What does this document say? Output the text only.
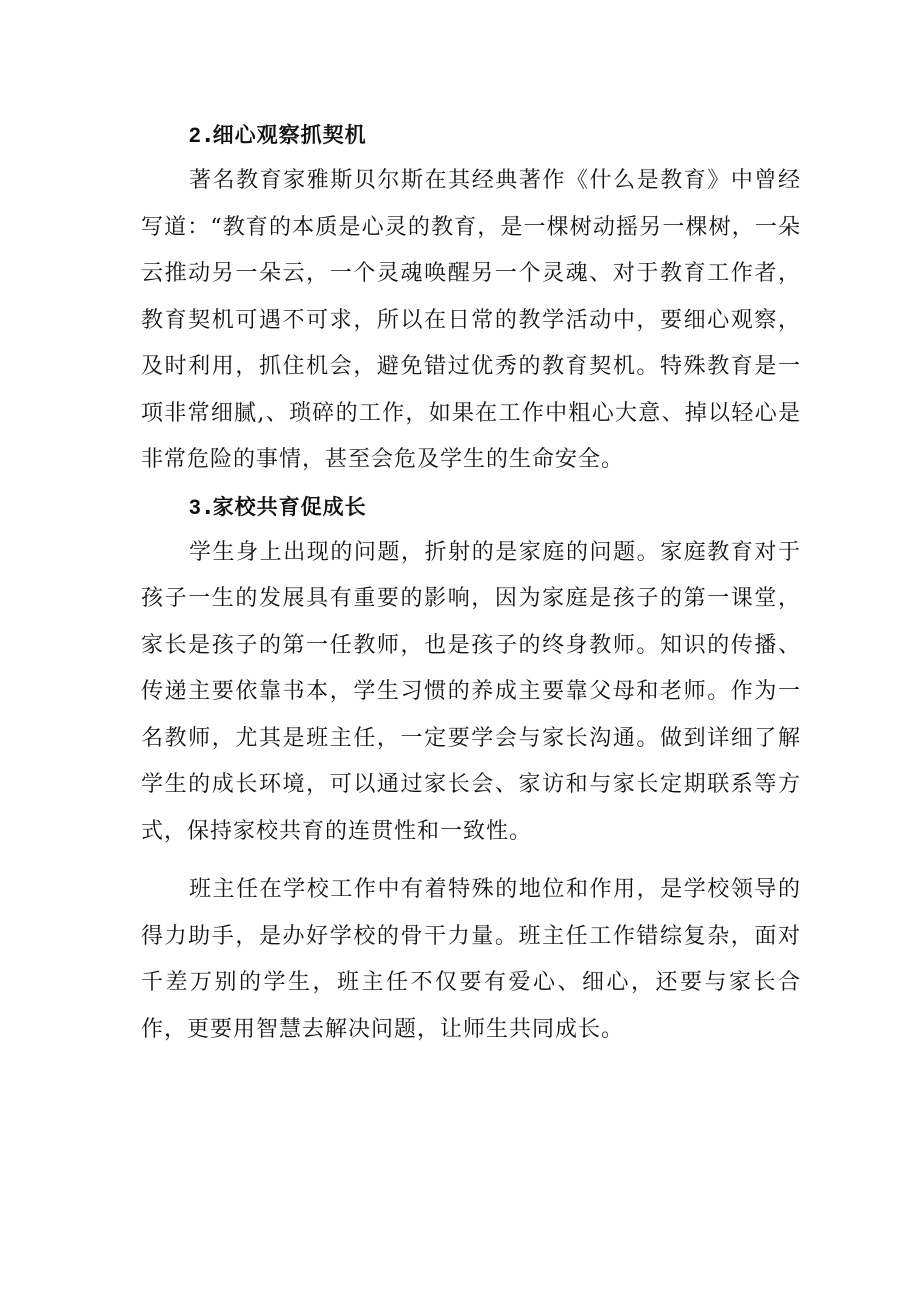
2.细心观察抓契机

著名教育家雅斯贝尔斯在其经典著作《什么是教育》中曾经写道：“教育的本质是心灵的教育，是一棵树动摇另一棵树，一朵云推动另一朵云，一个灵魂唤醒另一个灵魂、对于教育工作者，教育契机可遇不可求，所以在日常的教学活动中，要细心观察，及时利用，抓住机会，避免错过优秀的教育契机。特殊教育是一项非常细腻,、琐碎的工作，如果在工作中粗心大意、掉以轻心是非常危险的事情，甚至会危及学生的生命安全。

3.家校共育促成长

学生身上出现的问题，折射的是家庭的问题。家庭教育对于孩子一生的发展具有重要的影响，因为家庭是孩子的第一课堂，家长是孩子的第一任教师，也是孩子的终身教师。知识的传播、传递主要依靠书本，学生习惯的养成主要靠父母和老师。作为一名教师，尤其是班主任，一定要学会与家长沟通。做到详细了解学生的成长环境，可以通过家长会、家访和与家长定期联系等方式，保持家校共育的连贯性和一致性。

班主任在学校工作中有着特殊的地位和作用，是学校领导的得力助手，是办好学校的骨干力量。班主任工作错综复杂，面对千差万别的学生，班主任不仅要有爱心、细心，还要与家长合作，更要用智慧去解决问题，让师生共同成长。
